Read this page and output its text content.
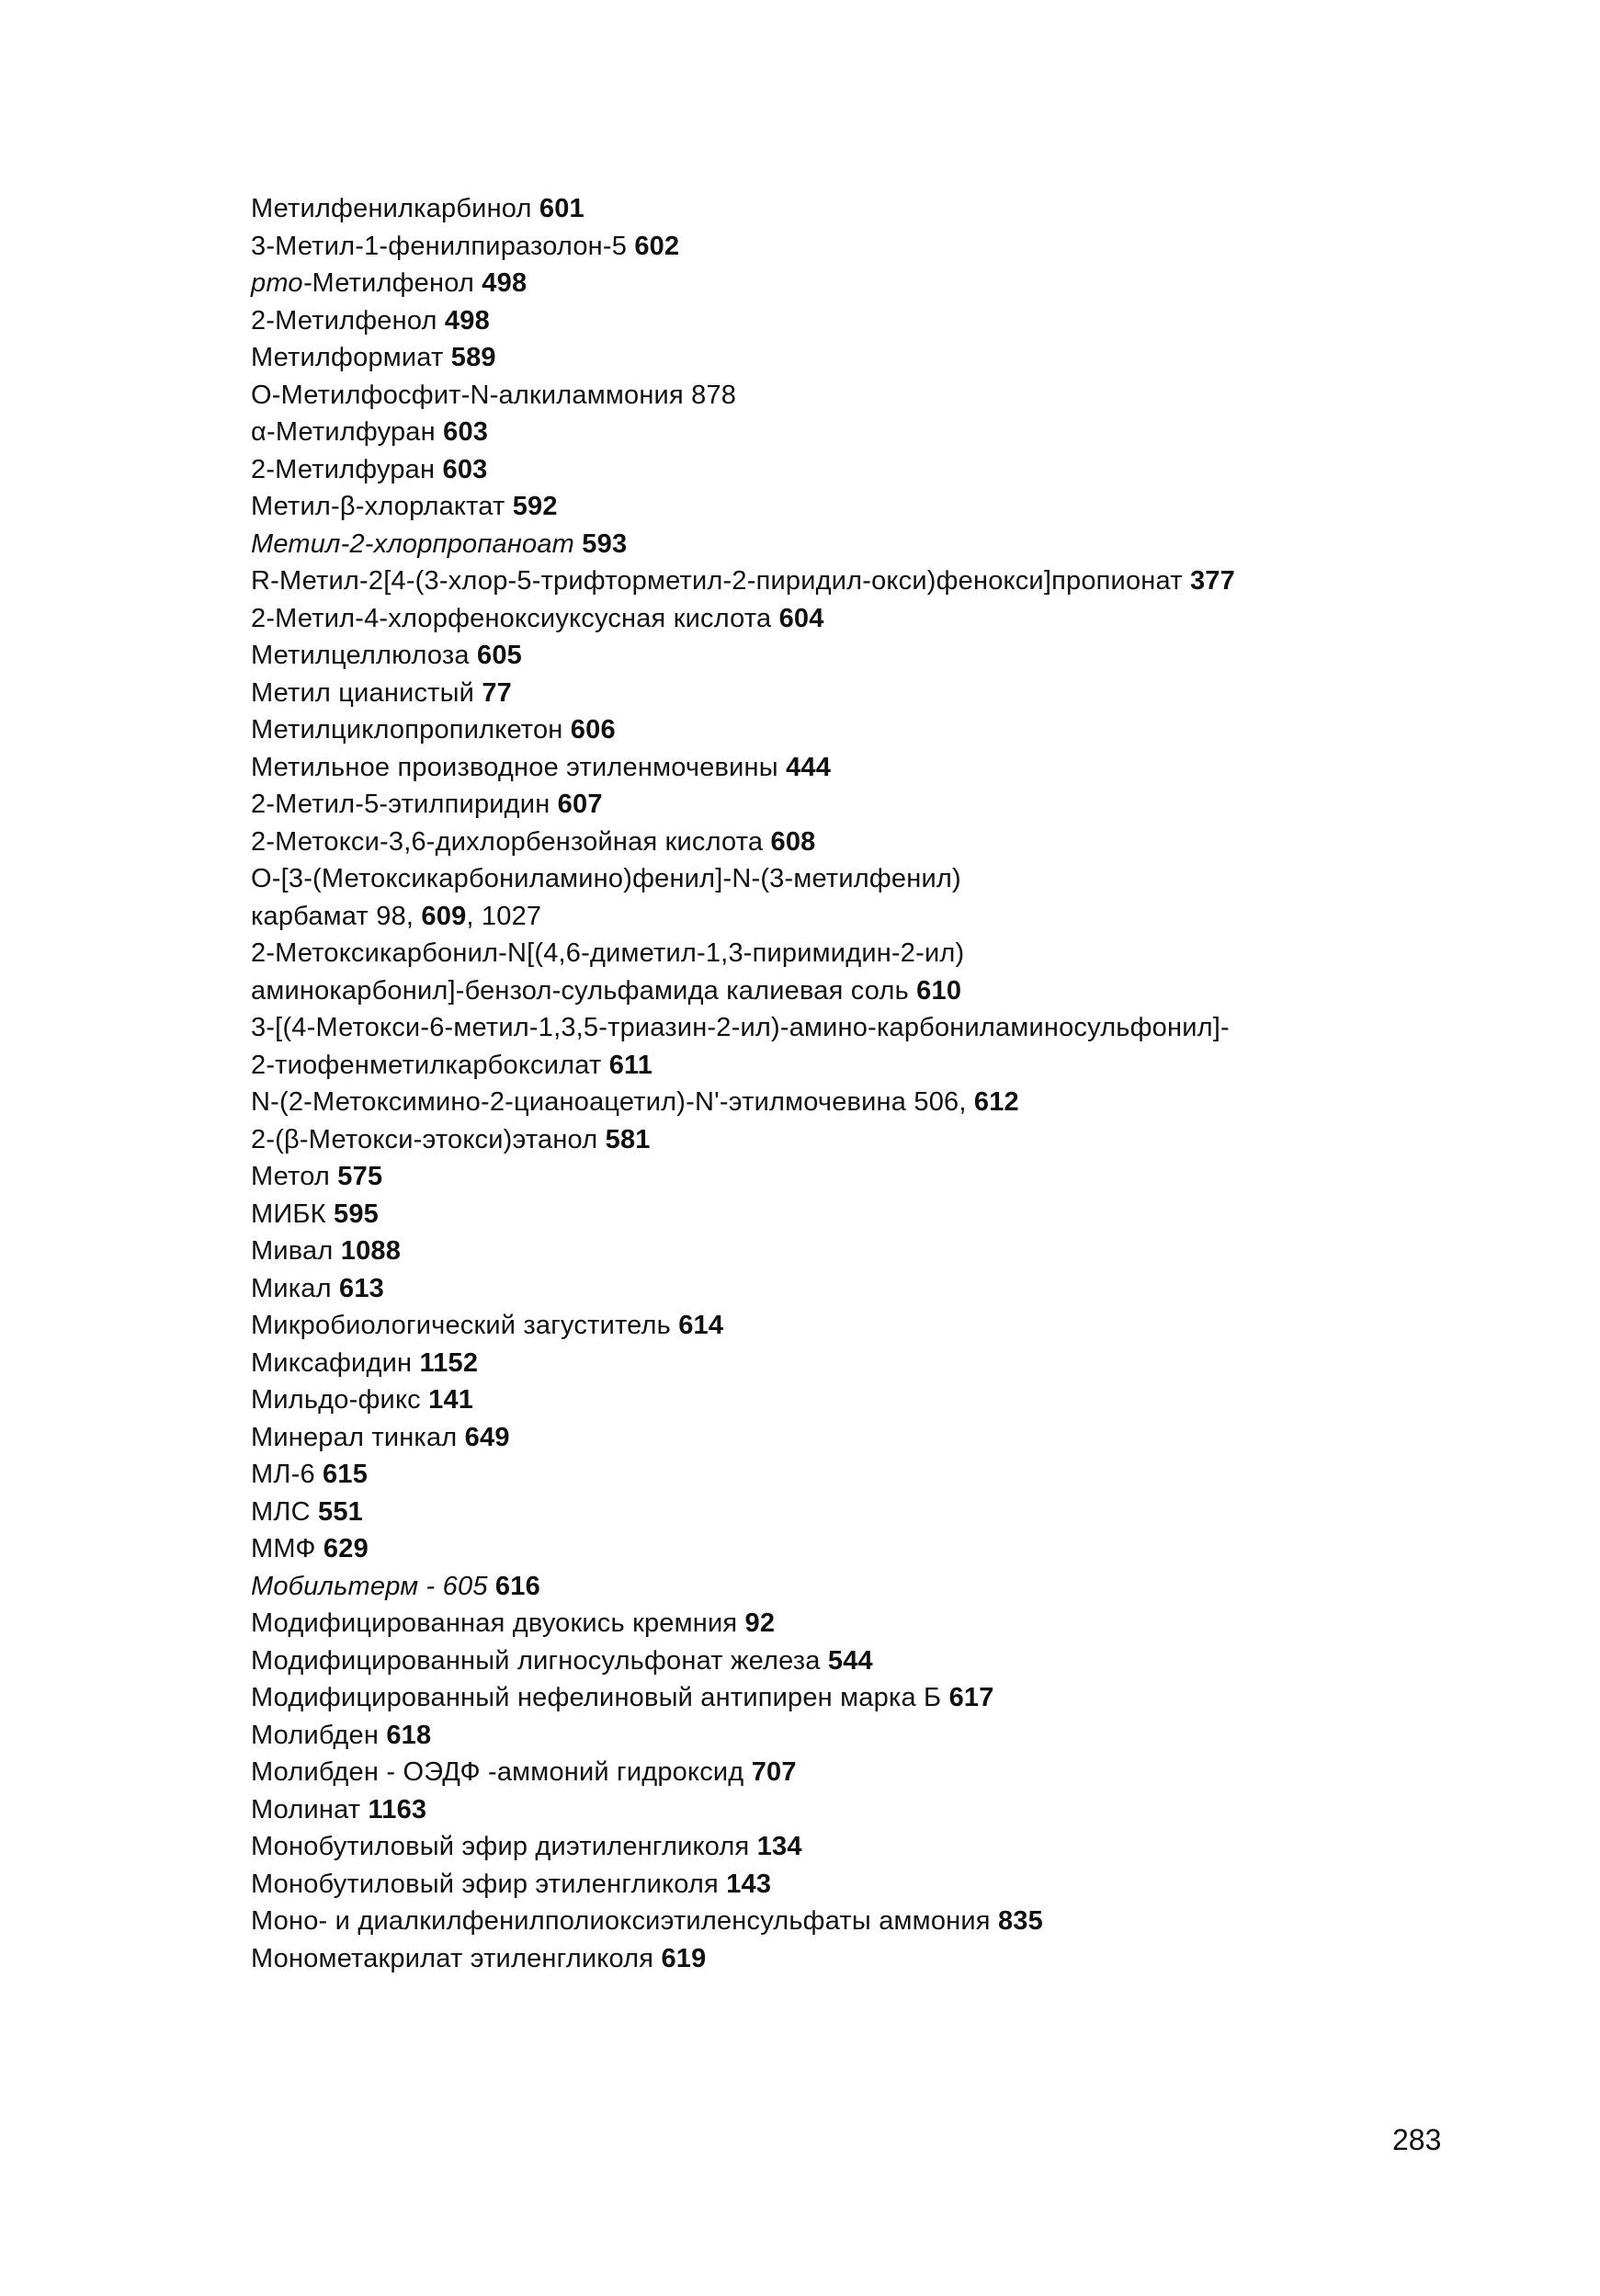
Метилфенилкарбинол 601
3-Метил-1-фенилпиразолон-5 602
рто-Метилфенол 498
2-Метилфенол 498
Метилформиат 589
О-Метилфосфит-N-алкиламмония 878
α-Метилфуран 603
2-Метилфуран 603
Метил-β-хлорлактат 592
Метил-2-хлорпропаноат 593
R-Метил-2[4-(3-хлор-5-трифторметил-2-пиридил-окси)фенокси]пропионат 377
2-Метил-4-хлорфеноксиуксусная кислота 604
Метилцеллюлоза 605
Метил цианистый 77
Метилциклопропилкетон 606
Метильное производное этиленмочевины 444
2-Метил-5-этилпиридин 607
2-Метокси-3,6-дихлорбензойная кислота 608
О-[3-(Метоксикарбониламино)фенил]-N-(3-метилфенил)
карбамат 98, 609, 1027
2-Метоксикарбонил-N[(4,6-диметил-1,3-пиримидин-2-ил)
аминокарбонил]-бензол-сульфамида калиевая соль 610
3-[(4-Метокси-6-метил-1,3,5-триазин-2-ил)-амино-карбониламиносульфонил]-
2-тиофенметилкарбоксилат 611
N-(2-Метоксимино-2-цианоацетил)-N'-этилмочевина 506, 612
2-(β-Метокси-этокси)этанол 581
Метол 575
МИБК 595
Мивал 1088
Микал 613
Микробиологический загуститель 614
Миксафидин 1152
Мильдо-фикс 141
Минерал тинкал 649
МЛ-6 615
МЛС 551
ММФ 629
Мобильтерм - 605 616
Модифицированная двуокись кремния 92
Модифицированный лигносульфонат железа 544
Модифицированный нефелиновый антипирен марка Б 617
Молибден 618
Молибден - ОЭДФ -аммоний гидроксид 707
Молинат 1163
Монобутиловый эфир диэтиленгликоля 134
Монобутиловый эфир этиленгликоля 143
Моно- и диалкилфенилполиоксиэтиленсульфаты аммония 835
Монометакрилат этиленгликоля 619
283
